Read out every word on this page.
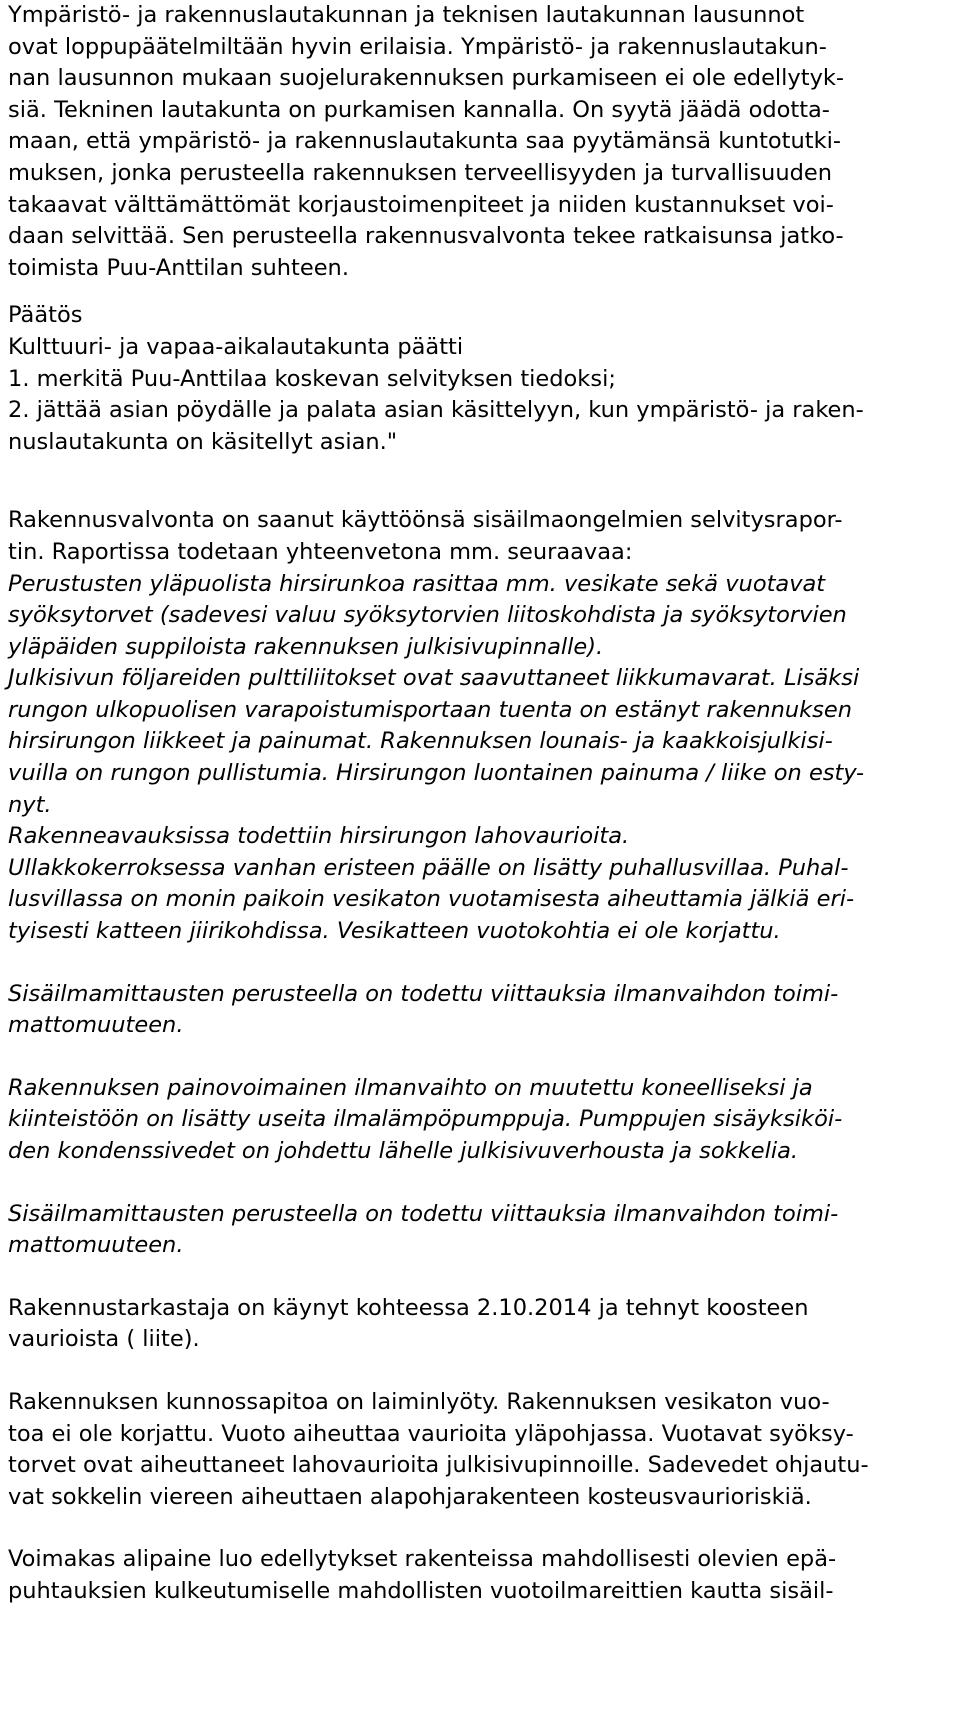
Ympäristö- ja rakennuslautakunnan ja teknisen lautakunnan lausunnot
ovat loppupäätelmiltään hyvin erilaisia. Ympäristö- ja rakennuslautakun-
nan lausunnon mukaan suojelurakennuksen purkamiseen ei ole edellytyk-
siä. Tekninen lautakunta on purkamisen kannalla. On syytä jäädä odotta-
maan, että ympäristö- ja rakennuslautakunta saa pyytämänsä kuntotutki-
muksen, jonka perusteella rakennuksen terveellisyyden ja turvallisuuden
takaavat välttämättömät korjaustoimenpiteet ja niiden kustannukset voi-
daan selvittää. Sen perusteella rakennusvalvonta tekee ratkaisunsa jatko-
toimista Puu-Anttilan suhteen.
Päätös
Kulttuuri- ja vapaa-aikalautakunta päätti
1. merkitä Puu-Anttilaa koskevan selvityksen tiedoksi;
2. jättää asian pöydälle ja palata asian käsittelyyn, kun ympäristö- ja raken-
nuslautakunta on käsitellyt asian."
Rakennusvalvonta on saanut käyttöönsä sisäilmaongelmien selvitysrapor-
tin. Raportissa todetaan yhteenvetona mm. seuraavaa:
Perustusten yläpuolista hirsirunkoa rasittaa mm. vesikate sekä vuotavat
syöksytorvet (sadevesi valuu syöksytorvien liitoskohdista ja syöksytorvien
yläpäiden suppiloista rakennuksen julkisivupinnalle).
Julkisivun följareiden pulttiliitokset ovat saavuttaneet liikkumavarat. Lisäksi
rungon ulkopuolisen varapoistumisportaan tuenta on estänyt rakennuksen
hirsirungon liikkeet ja painumat. Rakennuksen lounais- ja kaakkoisjulkisi-
vuilla on rungon pullistumia. Hirsirungon luontainen painuma / liike on esty-
nyt.
Rakenneavauksissa todettiin hirsirungon lahovaurioita.
Ullakkokerroksessa vanhan eristeen päälle on lisätty puhallusvillaa. Puhal-
lusvillassa on monin paikoin vesikaton vuotamisesta aiheuttamia jälkiä eri-
tyisesti katteen jiirikohdissa. Vesikatteen vuotokohtia ei ole korjattu.
Sisäilmamittausten perusteella on todettu viittauksia ilmanvaihdon toimi-
mattomuuteen.
Rakennuksen painovoimainen ilmanvaihto on muutettu koneelliseksi ja
kiinteistöön on lisätty useita ilmalämpöpumppuja. Pumppujen sisäyksiköi-
den kondenssivedet on johdettu lähelle julkisivuverhousta ja sokkelia.
Sisäilmamittausten perusteella on todettu viittauksia ilmanvaihdon toimi-
mattomuuteen.
Rakennustarkastaja on käynyt kohteessa 2.10.2014 ja tehnyt koosteen
vaurioista ( liite).
Rakennuksen kunnossapitoa on laiminlyöty. Rakennuksen vesikaton vuo-
toa ei ole korjattu. Vuoto aiheuttaa vaurioita yläpohjassa. Vuotavat syöksy-
torvet ovat aiheuttaneet lahovaurioita julkisivupinnoille. Sadevedet ohjautu-
vat sokkelin viereen aiheuttaen alapohjarakenteen kosteusvaurioriskiä.
Voimakas alipaine luo edellytykset rakenteissa mahdollisesti olevien epä-
puhtauksien kulkeutumiselle mahdollisten vuotoilmareittien kautta sisäil-
